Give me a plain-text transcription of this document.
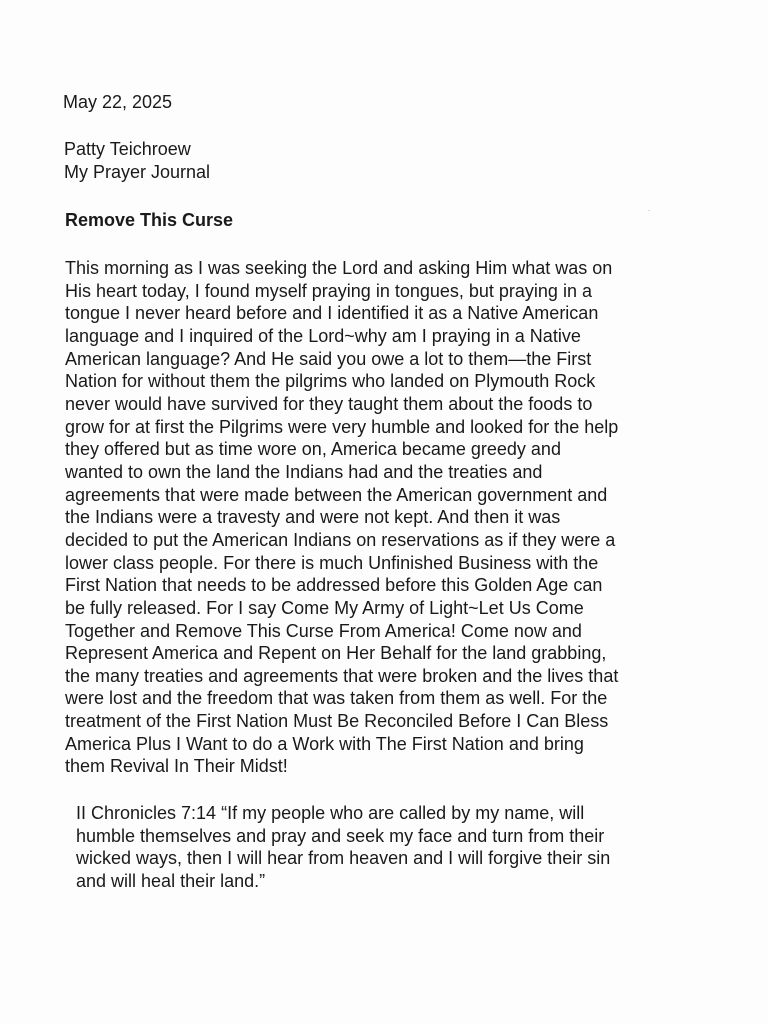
May 22, 2025
Patty Teichroew
My Prayer Journal
Remove This Curse
This morning as I was seeking the Lord and asking Him what was on
His heart today, I found myself praying in tongues, but praying in a
tongue I never heard before and I identified it as a Native American
language and I inquired of the Lord~why am I praying in a Native
American language? And He said you owe a lot to them—the First
Nation for without them the pilgrims who landed on Plymouth Rock
never would have survived for they taught them about the foods to
grow for at first the Pilgrims were very humble and looked for the help
they offered but as time wore on, America became greedy and
wanted to own the land the Indians had and the treaties and
agreements that were made between the American government and
the Indians were a travesty and were not kept. And then it was
decided to put the American Indians on reservations as if they were a
lower class people. For there is much Unfinished Business with the
First Nation that needs to be addressed before this Golden Age can
be fully released. For I say Come My Army of Light~Let Us Come
Together and Remove This Curse From America! Come now and
Represent America and Repent on Her Behalf for the land grabbing,
the many treaties and agreements that were broken and the lives that
were lost and the freedom that was taken from them as well. For the
treatment of the First Nation Must Be Reconciled Before I Can Bless
America Plus I Want to do a Work with The First Nation and bring
them Revival In Their Midst!
II Chronicles 7:14 “If my people who are called by my name, will
humble themselves and pray and seek my face and turn from their
wicked ways, then I will hear from heaven and I will forgive their sin
and will heal their land.”
